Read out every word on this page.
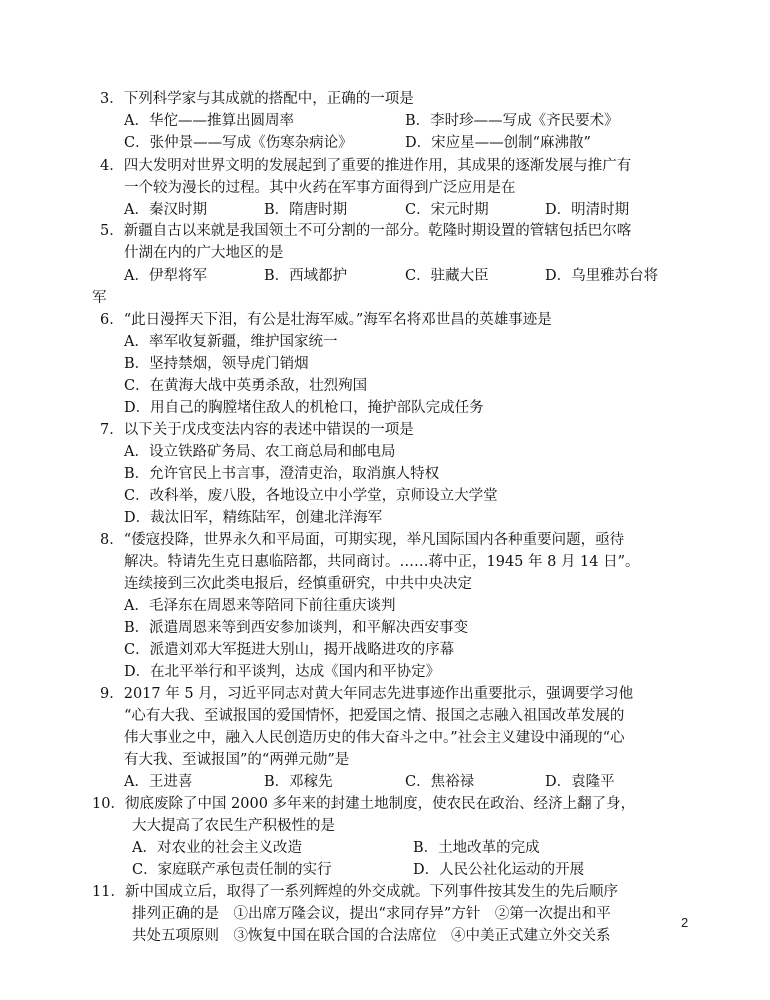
3．下列科学家与其成就的搭配中，正确的一项是
A．华佗——推算出圆周率	B．李时珍——写成《齐民要术》
C．张仲景——写成《伤寒杂病论》	D．宋应星——创制“麻沸散”
4．四大发明对世界文明的发展起到了重要的推进作用，其成果的逐渐发展与推广有
一个较为漫长的过程。其中火药在军事方面得到广泛应用是在
A．秦汉时期	B．隋唐时期	C．宋元时期	D．明清时期
5．新疆自古以来就是我国领土不可分割的一部分。乾隆时期设置的管辖包括巴尔喀
什湖在内的广大地区的是
A．伊犁将军	B．西域都护	C．驻藏大臣	D．乌里雅苏台将
军
6．“此日漫挥天下泪，有公是壮海军威。”海军名将邓世昌的英雄事迹是
A．率军收复新疆，维护国家统一
B．坚持禁烟，领导虎门销烟
C．在黄海大战中英勇杀敌，壮烈殉国
D．用自己的胸膛堵住敌人的机枪口，掩护部队完成任务
7．以下关于戊戌变法内容的表述中错误的一项是
A．设立铁路矿务局、农工商总局和邮电局
B．允许官民上书言事，澄清吏治，取消旗人特权
C．改科举，废八股，各地设立中小学堂，京师设立大学堂
D．裁汰旧军，精练陆军，创建北洋海军
8．“倭寇投降，世界永久和平局面，可期实现，举凡国际国内各种重要问题，亟待
解决。特请先生克日惠临陪都，共同商讨。……蒋中正，1945 年 8 月 14 日”。
连续接到三次此类电报后，经慎重研究，中共中央决定
A．毛泽东在周恩来等陪同下前往重庆谈判
B．派遣周恩来等到西安参加谈判，和平解决西安事变
C．派遣刘邓大军挺进大别山，揭开战略进攻的序幕
D．在北平举行和平谈判，达成《国内和平协定》
9．2017 年 5 月，习近平同志对黄大年同志先进事迹作出重要批示，强调要学习他
“心有大我、至诚报国的爱国情怀，把爱国之情、报国之志融入祖国改革发展的
伟大事业之中，融入人民创造历史的伟大奋斗之中。”社会主义建设中涌现的“心
有大我、至诚报国”的“两弹元勋”是
A．王进喜	B．邓稼先	C．焦裕禄	D．袁隆平
10．彻底废除了中国 2000 多年来的封建土地制度，使农民在政治、经济上翻了身，
大大提高了农民生产积极性的是
A．对农业的社会主义改造	B．土地改革的完成
C．家庭联产承包责任制的实行	D．人民公社化运动的开展
11．新中国成立后，取得了一系列辉煌的外交成就。下列事件按其发生的先后顺序
排列正确的是　①出席万隆会议，提出“求同存异”方针　②第一次提出和平
共处五项原则　③恢复中国在联合国的合法席位　④中美正式建立外交关系
2
